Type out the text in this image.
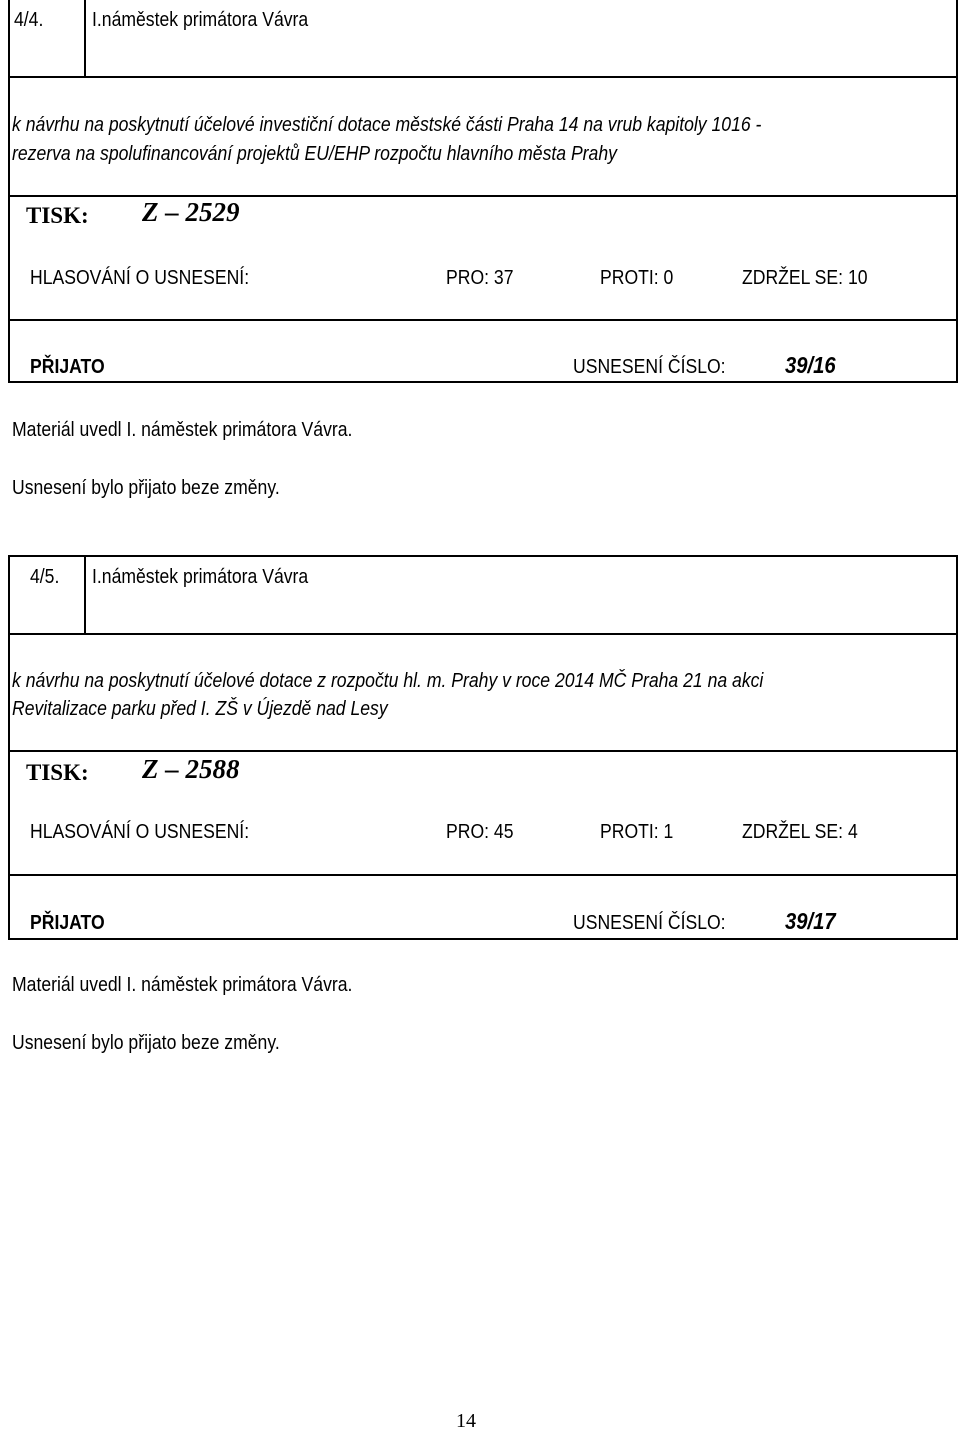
4/4. I.náměstek primátora Vávra
k návrhu na poskytnutí účelové investiční dotace městské části Praha 14 na vrub kapitoly 1016 -
rezerva na spolufinancování projektů EU/EHP rozpočtu hlavního města Prahy
TISK: Z – 2529
HLASOVÁNÍ O USNESENÍ:	PRO: 37	PROTI: 0	ZDRŽEL SE: 10
PŘIJATO	USNESENÍ ČÍSLO:	39/16
Materiál uvedl I. náměstek primátora Vávra.
Usnesení bylo přijato beze změny.
4/5. I.náměstek primátora Vávra
k návrhu na poskytnutí účelové dotace z rozpočtu hl. m. Prahy v roce 2014 MČ Praha 21 na akci
Revitalizace parku před I. ZŠ v Újezdě nad Lesy
TISK: Z – 2588
HLASOVÁNÍ O USNESENÍ:	PRO: 45	PROTI: 1	ZDRŽEL SE: 4
PŘIJATO	USNESENÍ ČÍSLO:	39/17
Materiál uvedl I. náměstek primátora Vávra.
Usnesení bylo přijato beze změny.
14
